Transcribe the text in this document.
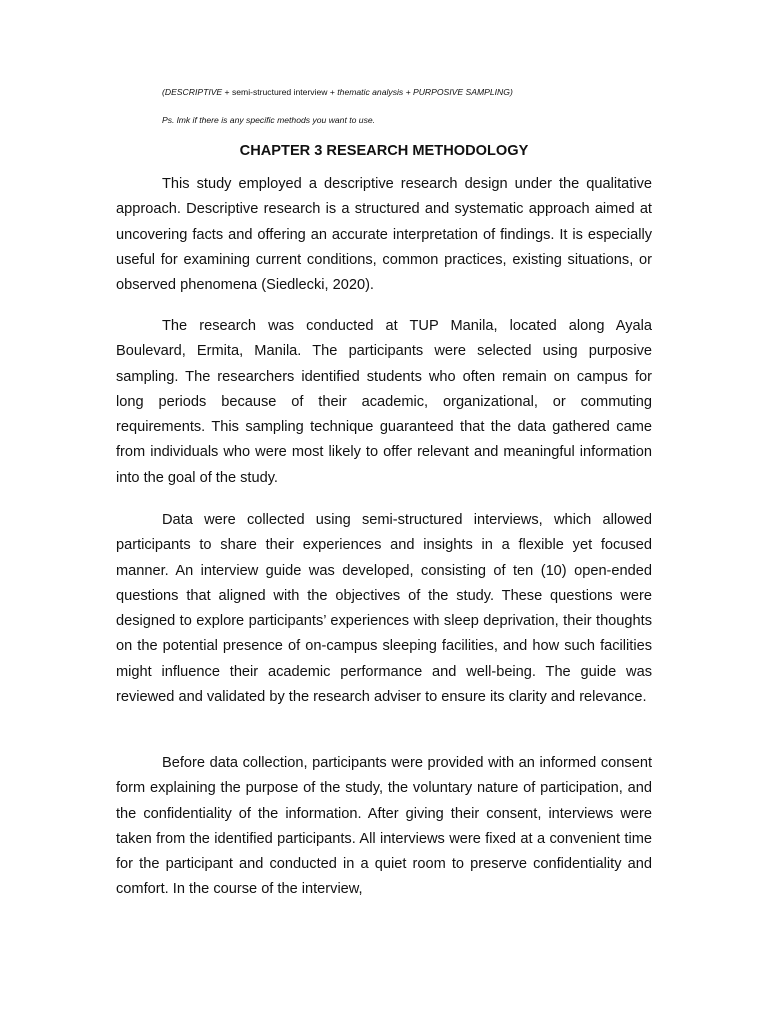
(DESCRIPTIVE + semi-structured interview + thematic analysis + PURPOSIVE SAMPLING)
Ps. lmk if there is any specific methods you want to use.
CHAPTER 3 RESEARCH METHODOLOGY

This study employed a descriptive research design under the qualitative approach. Descriptive research is a structured and systematic approach aimed at uncovering facts and offering an accurate interpretation of findings. It is especially useful for examining current conditions, common practices, existing situations, or observed phenomena (Siedlecki, 2020).

The research was conducted at TUP Manila, located along Ayala Boulevard, Ermita, Manila. The participants were selected using purposive sampling. The researchers identified students who often remain on campus for long periods because of their academic, organizational, or commuting requirements. This sampling technique guaranteed that the data gathered came from individuals who were most likely to offer relevant and meaningful information into the goal of the study.

Data were collected using semi-structured interviews, which allowed participants to share their experiences and insights in a flexible yet focused manner. An interview guide was developed, consisting of ten (10) open-ended questions that aligned with the objectives of the study. These questions were designed to explore participants’ experiences with sleep deprivation, their thoughts on the potential presence of on-campus sleeping facilities, and how such facilities might influence their academic performance and well-being. The guide was reviewed and validated by the research adviser to ensure its clarity and relevance.

Before data collection, participants were provided with an informed consent form explaining the purpose of the study, the voluntary nature of participation, and the confidentiality of the information. After giving their consent, interviews were taken from the identified participants. All interviews were fixed at a convenient time for the participant and conducted in a quiet room to preserve confidentiality and comfort. In the course of the interview,
